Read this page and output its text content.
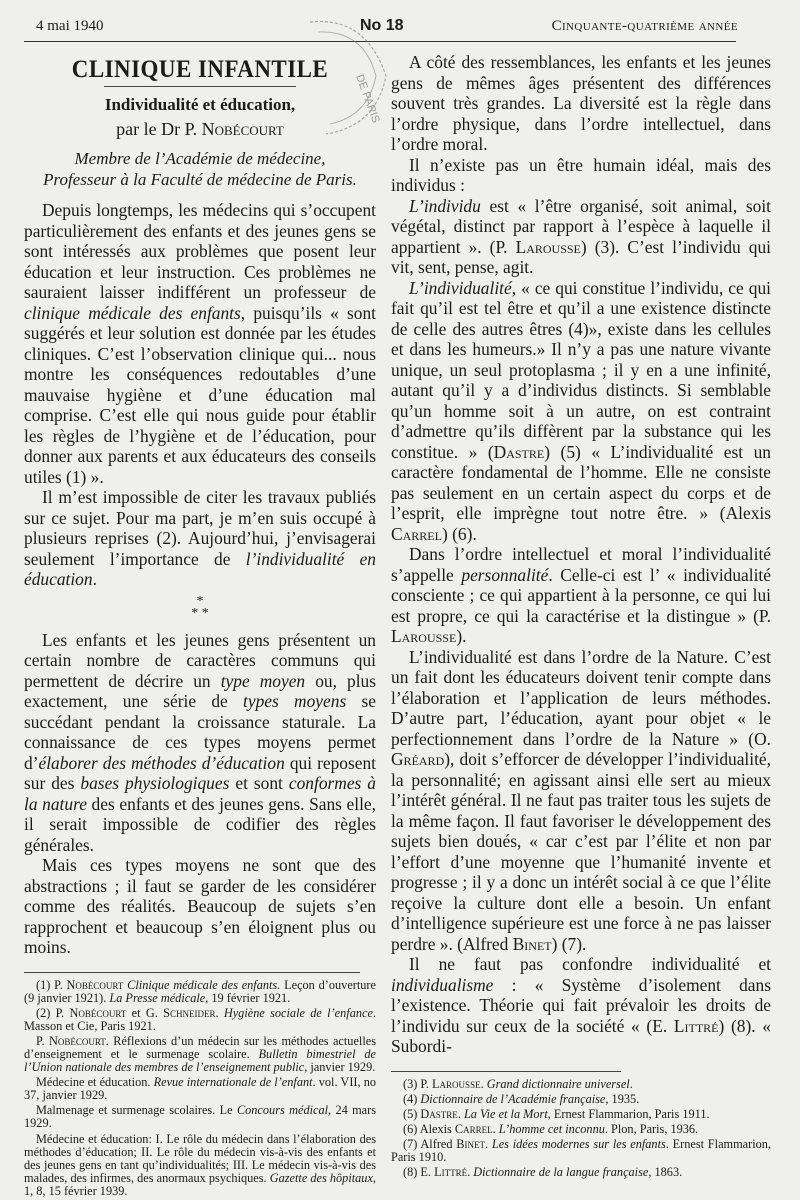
4 mai 1940	No 18	Cinquante-quatrième année
DE PARIS
CLINIQUE INFANTILE
Individualité et éducation,
par le Dr P. Nobécourt
Membre de l’Académie de médecine,
Professeur à la Faculté de médecine de Paris.

Depuis longtemps, les médecins qui s’occupent particulièrement des enfants et des jeunes gens se sont intéressés aux problèmes que posent leur éducation et leur instruction. Ces problèmes ne sauraient laisser indifférent un professeur de clinique médicale des enfants, puisqu’ils « sont suggérés et leur solution est donnée par les études cliniques. C’est l’observation clinique qui... nous montre les conséquences redoutables d’une mauvaise hygiène et d’une éducation mal comprise. C’est elle qui nous guide pour établir les règles de l’hygiène et de l’éducation, pour donner aux parents et aux éducateurs des conseils utiles (1) ».

Il m’est impossible de citer les travaux publiés sur ce sujet. Pour ma part, je m’en suis occupé à plusieurs reprises (2). Aujourd’hui, j’envisagerai seulement l’importance de l’individualité en éducation.

*
* *

Les enfants et les jeunes gens présentent un certain nombre de caractères communs qui permettent de décrire un type moyen ou, plus exactement, une série de types moyens se succédant pendant la croissance staturale. La connaissance de ces types moyens permet d’élaborer des méthodes d’éducation qui reposent sur des bases physiologiques et sont conformes à la nature des enfants et des jeunes gens. Sans elle, il serait impossible de codifier des règles générales.

Mais ces types moyens ne sont que des abstractions ; il faut se garder de les considérer comme des réalités. Beaucoup de sujets s’en rapprochent et beaucoup s’en éloignent plus ou moins.

(1) P. Nobécourt Clinique médicale des enfants. Leçon d’ouverture (9 janvier 1921). La Presse médicale, 19 février 1921.

(2) P. Nobécourt et G. Schneider. Hygiène sociale de l’enfance. Masson et Cie, Paris 1921.

P. Nobécourt. Réflexions d’un médecin sur les méthodes actuelles d’enseignement et le surmenage scolaire. Bulletin bimestriel de l’Union nationale des membres de l’enseignement public, janvier 1929.

Médecine et éducation. Revue internationale de l’enfant. vol. VII, no 37, janvier 1929.

Malmenage et surmenage scolaires. Le Concours médical, 24 mars 1929.

Médecine et éducation: I. Le rôle du médecin dans l’élaboration des méthodes d’éducation; II. Le rôle du médecin vis-à-vis des enfants et des jeunes gens en tant qu’individualités; III. Le médecin vis-à-vis des malades, des infirmes, des anormaux psychiques. Gazette des hôpitaux, 1, 8, 15 février 1939.

A côté des ressemblances, les enfants et les jeunes gens de mêmes âges présentent des différences souvent très grandes. La diversité est la règle dans l’ordre physique, dans l’ordre intellectuel, dans l’ordre moral.

Il n’existe pas un être humain idéal, mais des individus :

L’individu est « l’être organisé, soit animal, soit végétal, distinct par rapport à l’espèce à laquelle il appartient ». (P. Larousse) (3). C’est l’individu qui vit, sent, pense, agit.

L’individualité, « ce qui constitue l’individu, ce qui fait qu’il est tel être et qu’il a une existence distincte de celle des autres êtres (4)», existe dans les cellules et dans les humeurs.» Il n’y a pas une nature vivante unique, un seul protoplasma ; il y en a une infinité, autant qu’il y a d’individus distincts. Si semblable qu’un homme soit à un autre, on est contraint d’admettre qu’ils diffèrent par la substance qui les constitue. » (Dastre) (5) « L’individualité est un caractère fondamental de l’homme. Elle ne consiste pas seulement en un certain aspect du corps et de l’esprit, elle imprègne tout notre être. » (Alexis Carrel) (6).

Dans l’ordre intellectuel et moral l’individualité s’appelle personnalité. Celle-ci est l’ « individualité consciente ; ce qui appartient à la personne, ce qui lui est propre, ce qui la caractérise et la distingue » (P. Larousse).

L’individualité est dans l’ordre de la Nature. C’est un fait dont les éducateurs doivent tenir compte dans l’élaboration et l’application de leurs méthodes. D’autre part, l’éducation, ayant pour objet « le perfectionnement dans l’ordre de la Nature » (O. Gréard), doit s’efforcer de développer l’individualité, la personnalité; en agissant ainsi elle sert au mieux l’intérêt général. Il ne faut pas traiter tous les sujets de la même façon. Il faut favoriser le développement des sujets bien doués, « car c’est par l’élite et non par l’effort d’une moyenne que l’humanité invente et progresse ; il y a donc un intérêt social à ce que l’élite reçoive la culture dont elle a besoin. Un enfant d’intelligence supérieure est une force à ne pas laisser perdre ». (Alfred Binet) (7).

Il ne faut pas confondre individualité et individualisme : « Système d’isolement dans l’existence. Théorie qui fait prévaloir les droits de l’individu sur ceux de la société « (E. Littré) (8). « Subordi-

(3) P. Larousse. Grand dictionnaire universel.

(4) Dictionnaire de l’Académie française, 1935.

(5) Dastre. La Vie et la Mort, Ernest Flammarion, Paris 1911.

(6) Alexis Carrel. L’homme cet inconnu. Plon, Paris, 1936.

(7) Alfred Binet. Les idées modernes sur les enfants. Ernest Flammarion, Paris 1910.

(8) E. Littré. Dictionnaire de la langue française, 1863.
